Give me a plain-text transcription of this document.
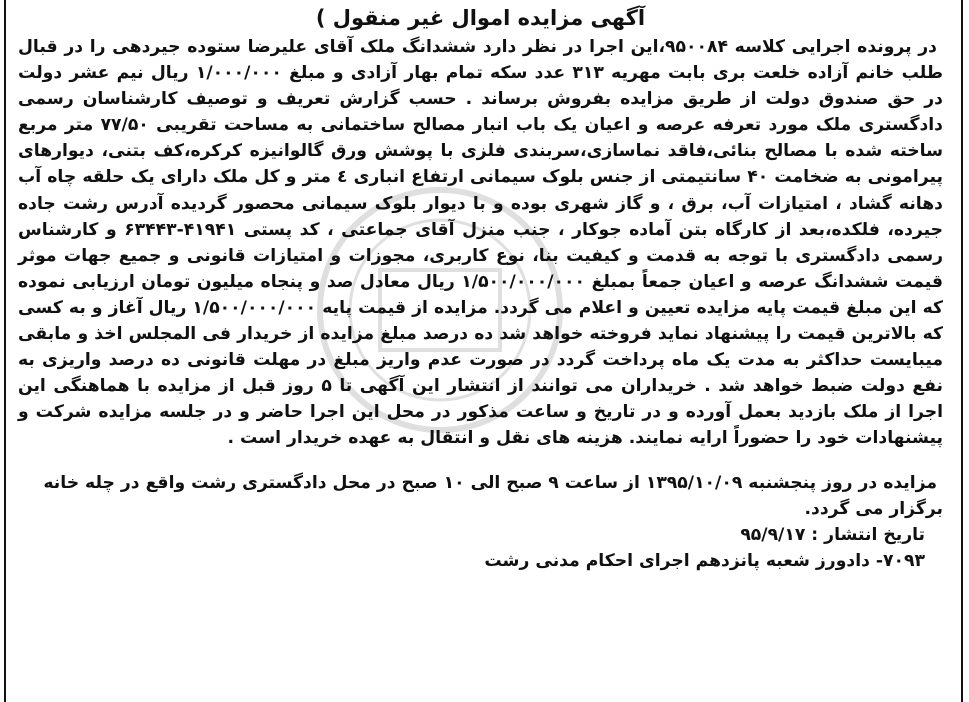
آگهی مزایده اموال غیر منقول )

در پرونده اجرایی کلاسه ۹۵۰۰۸۴،این اجرا در نظر دارد ششدانگ ملک آقای علیرضا ستوده جیردهی را در قبال طلب خانم آزاده خلعت بری بابت مهریه ۳۱۳ عدد سکه تمام بهار آزادی و مبلغ ۱/۰۰۰/۰۰۰ ریال نیم عشر دولت در حق صندوق دولت از طریق مزایده بفروش برساند . حسب گزارش تعریف و توصیف کارشناسان رسمی دادگستری ملک مورد تعرفه عرصه و اعیان یک باب انبار مصالح ساختمانی به مساحت تقریبی ۷۷/۵۰ متر مربع ساخته شده با مصالح بنائی،فاقد نماسازی،سربندی فلزی با پوشش ورق گالوانیزه کرکره،کف بتنی، دیوارهای پیرامونی به ضخامت ۴۰ سانتیمتی از جنس بلوک سیمانی ارتفاع انباری ٤ متر و کل ملک دارای یک حلقه چاه آب دهانه گشاد ، امتیازات آب، برق ، و گاز شهری بوده و با دیوار بلوک سیمانی محصور گردیده آدرس رشت جاده جیرده، فلکده،بعد از کارگاه بتن آماده جوکار ، جنب منزل آقای جماعتی ، کد پستی ۴۱۹۴۱-۶۳۴۴۳ و کارشناس رسمی دادگستری با توجه به قدمت و کیفیت بنا، نوع کاربری، مجوزات و امتیازات قانونی و جمیع جهات موثر قیمت ششدانگ عرصه و اعیان جمعاً بمبلغ ۱/۵۰۰/۰۰۰/۰۰۰ ریال معادل صد و پنجاه میلیون تومان ارزیابی نموده که این مبلغ قیمت پایه مزایده تعیین و اعلام می گردد. مزایده از قیمت پایه ۱/۵۰۰/۰۰۰/۰۰۰ ریال آغاز و به کسی که بالاترین قیمت را پیشنهاد نماید فروخته خواهد شد ده درصد مبلغ مزایده از خریدار فی المجلس اخذ و مابقی میبایست حداکثر به مدت یک ماه پرداخت گردد در صورت عدم واریز مبلغ در مهلت قانونی ده درصد واریزی به نفع دولت ضبط خواهد شد . خریداران می توانند از انتشار این آگهی تا ۵ روز قبل از مزایده با هماهنگی این اجرا از ملک بازدید بعمل آورده و در تاریخ و ساعت مذکور در محل این اجرا حاضر و در جلسه مزایده شرکت و پیشنهادات خود را حضوراً ارایه نمایند. هزینه های نقل و انتقال به عهده خریدار است .

مزایده در روز پنجشنبه ۱۳۹۵/۱۰/۰۹ از ساعت ۹ صبح الی ۱۰ صبح در محل دادگستری رشت واقع در چله خانه برگزار می گردد.

تاریخ انتشار : ۹۵/۹/۱۷

۷۰۹۳- دادورز شعبه پانزدهم اجرای احکام مدنی رشت
